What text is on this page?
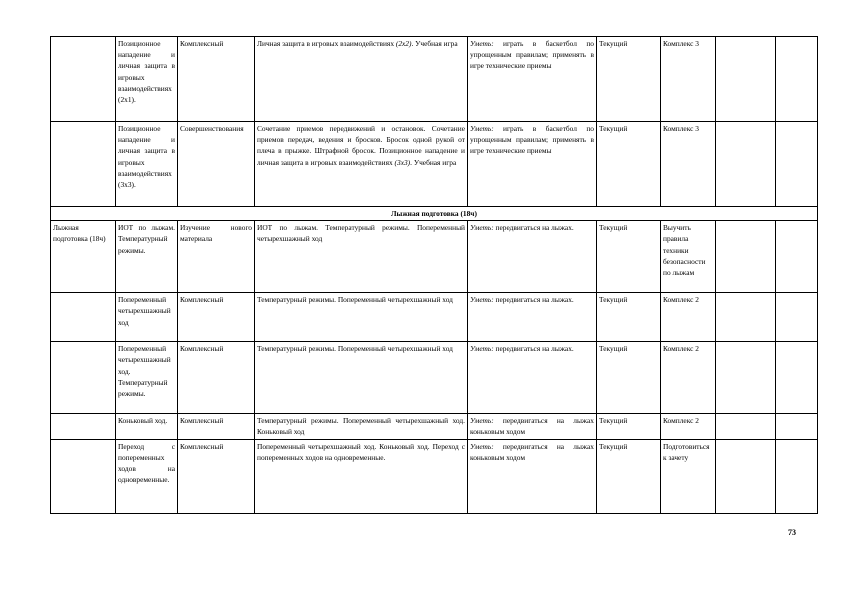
	Позиционное нападение и личная защита в игровых взаимодействиях (2х1).	Комплексный	Личная защита в игровых взаимодействиях (2х2). Учебная игра	Уметь: играть в баскетбол по упрощенным правилам; применять в игре технические приемы	Текущий	Комплекс 3		
	Позиционное нападение и личная защита в игровых взаимодействиях (3х3).	Совершенствования	Сочетание приемов передвижений и остановок. Сочетание приемов передач, ведения и бросков. Бросок одной рукой от плеча в прыжке. Штрафной бросок. Позиционное нападение и личная защита в игровых взаимодействиях (3х3). Учебная игра	Уметь: играть в баскетбол по упрощенным правилам; применять в игре технические приемы	Текущий	Комплекс 3		
Лыжная подготовка (18ч)								
Лыжная подготовка (18ч)	ИОТ по лыжам. Температурный режимы.	Изучение нового материала	ИОТ по лыжам. Температурный режимы. Попеременный четырехшажный ход	Уметь: передвигаться на лыжах.	Текущий	Выучить правила техники безопасности по лыжам		
	Попеременный четырехшажный ход	Комплексный	Температурный режимы. Попеременный четырехшажный ход	Уметь: передвигаться на лыжах.	Текущий	Комплекс 2		
	Попеременный четырехшажный ход. Температурный режимы.	Комплексный	Температурный режимы. Попеременный четырехшажный ход	Уметь: передвигаться на лыжах.	Текущий	Комплекс 2		
	Коньковый ход.	Комплексный	Температурный режимы. Попеременный четырехшажный ход. Коньковый ход	Уметь: передвигаться на лыжах коньковым ходом	Текущий	Комплекс 2		
	Переход с попеременных ходов на одновременные.	Комплексный	Попеременный четырехшажный ход. Коньковый ход. Переход с попеременных ходов на одновременные.	Уметь: передвигаться на лыжах коньковым ходом	Текущий	Подготовиться к зачету		
73
